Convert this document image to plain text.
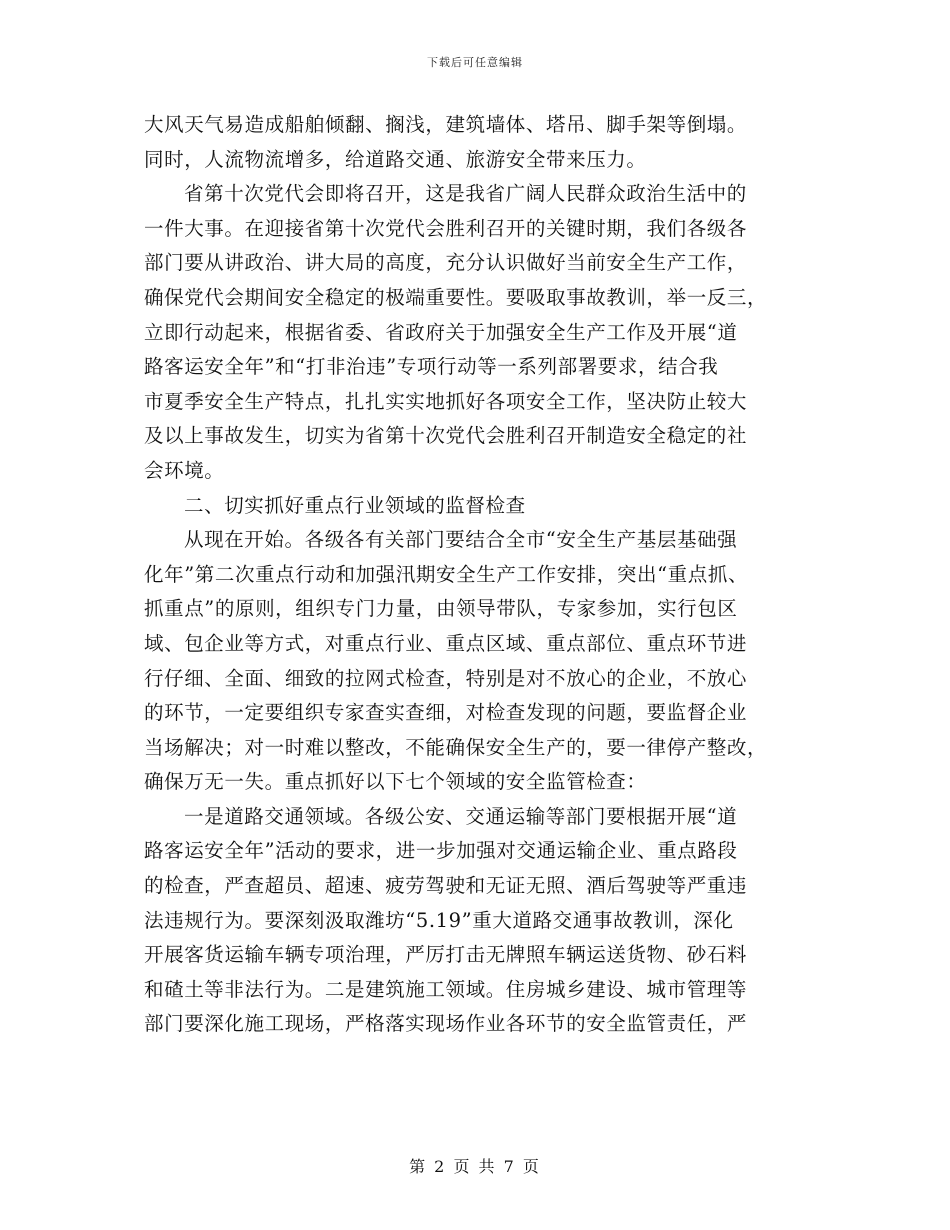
下载后可任意编辑
大风天气易造成船舶倾翻、搁浅，建筑墙体、塔吊、脚手架等倒塌。
同时，人流物流增多，给道路交通、旅游安全带来压力。
省第十次党代会即将召开，这是我省广阔人民群众政治生活中的
一件大事。在迎接省第十次党代会胜利召开的关键时期，我们各级各
部门要从讲政治、讲大局的高度，充分认识做好当前安全生产工作，
确保党代会期间安全稳定的极端重要性。要吸取事故教训，举一反三，
立即行动起来，根据省委、省政府关于加强安全生产工作及开展“道
路客运安全年”和“打非治违”专项行动等一系列部署要求，结合我
市夏季安全生产特点，扎扎实实地抓好各项安全工作，坚决防止较大
及以上事故发生，切实为省第十次党代会胜利召开制造安全稳定的社
会环境。
二、切实抓好重点行业领域的监督检查
从现在开始。各级各有关部门要结合全市“安全生产基层基础强
化年”第二次重点行动和加强汛期安全生产工作安排，突出“重点抓、
抓重点”的原则，组织专门力量，由领导带队，专家参加，实行包区
域、包企业等方式，对重点行业、重点区域、重点部位、重点环节进
行仔细、全面、细致的拉网式检查，特别是对不放心的企业，不放心
的环节，一定要组织专家查实查细，对检查发现的问题，要监督企业
当场解决；对一时难以整改，不能确保安全生产的，要一律停产整改，
确保万无一失。重点抓好以下七个领域的安全监管检查：
一是道路交通领域。各级公安、交通运输等部门要根据开展“道
路客运安全年”活动的要求，进一步加强对交通运输企业、重点路段
的检查，严查超员、超速、疲劳驾驶和无证无照、酒后驾驶等严重违
法违规行为。要深刻汲取潍坊“5.19”重大道路交通事故教训，深化
开展客货运输车辆专项治理，严厉打击无牌照车辆运送货物、砂石料
和碴土等非法行为。二是建筑施工领域。住房城乡建设、城市管理等
部门要深化施工现场，严格落实现场作业各环节的安全监管责任，严
第 2 页 共 7 页
